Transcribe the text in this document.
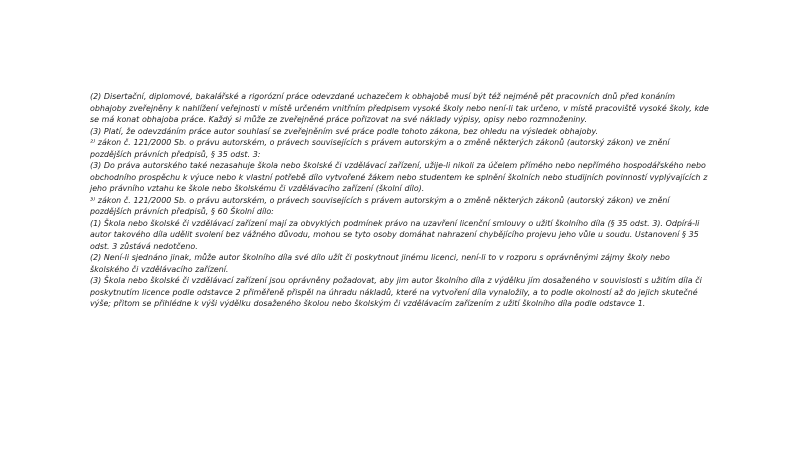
(2) Disertační, diplomové, bakalářské a rigorózní práce odevzdané uchazečem k obhajobě musí být též nejméně pět pracovních dnů před konáním obhajoby zveřejněny k nahlížení veřejnosti v místě určeném vnitřním předpisem vysoké školy nebo není-li tak určeno, v místě pracoviště vysoké školy, kde se má konat obhajoba práce. Každý si může ze zveřejněné práce pořizovat na své náklady výpisy, opisy nebo rozmnoženiny.

(3) Platí, že odevzdáním práce autor souhlasí se zveřejněním své práce podle tohoto zákona, bez ohledu na výsledek obhajoby.

²⁾ zákon č. 121/2000 Sb. o právu autorském, o právech souvisejících s právem autorským a o změně některých zákonů (autorský zákon) ve znění pozdějších právních předpisů, § 35 odst. 3:

(3) Do práva autorského také nezasahuje škola nebo školské či vzdělávací zařízení, užije-li nikoli za účelem přímého nebo nepřímého hospodářského nebo obchodního prospěchu k výuce nebo k vlastní potřebě dílo vytvořené žákem nebo studentem ke splnění školních nebo studijních povinností vyplývajících z jeho právního vztahu ke škole nebo školskému či vzdělávacího zařízení (školní dílo).

³⁾ zákon č. 121/2000 Sb. o právu autorském, o právech souvisejících s právem autorským a o změně některých zákonů (autorský zákon) ve znění pozdějších právních předpisů, § 60 Školní dílo:

(1) Škola nebo školské či vzdělávací zařízení mají za obvyklých podmínek právo na uzavření licenční smlouvy o užití školního díla (§ 35 odst. 3). Odpírá-li autor takového díla udělit svolení bez vážného důvodu, mohou se tyto osoby domáhat nahrazení chybějícího projevu jeho vůle u soudu. Ustanovení § 35 odst. 3 zůstává nedotčeno.

(2) Není-li sjednáno jinak, může autor školního díla své dílo užít či poskytnout jinému licenci, není-li to v rozporu s oprávněnými zájmy školy nebo školského či vzdělávacího zařízení.

(3) Škola nebo školské či vzdělávací zařízení jsou oprávněny požadovat, aby jim autor školního díla z výdělku jím dosaženého v souvislosti s užitím díla či poskytnutím licence podle odstavce 2 přiměřeně přispěl na úhradu nákladů, které na vytvoření díla vynaložily, a to podle okolností až do jejich skutečné výše; přitom se přihlédne k výši výdělku dosaženého školou nebo školským či vzdělávacím zařízením z užití školního díla podle odstavce 1.
